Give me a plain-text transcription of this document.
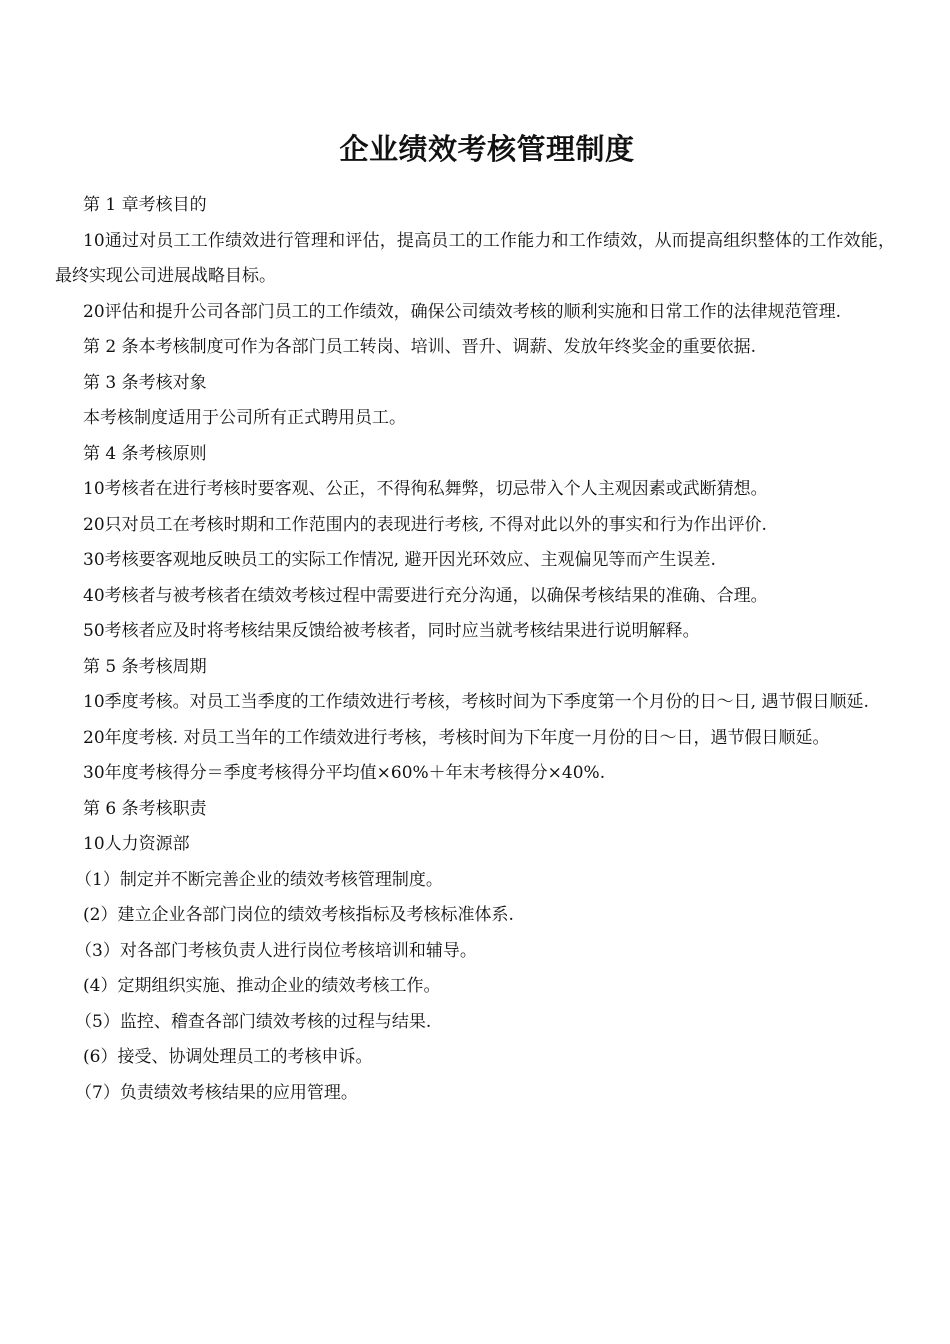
企业绩效考核管理制度

第 1 章考核目的

10通过对员工工作绩效进行管理和评估，提高员工的工作能力和工作绩效，从而提高组织整体的工作效能，最终实现公司进展战略目标。

20评估和提升公司各部门员工的工作绩效，确保公司绩效考核的顺利实施和日常工作的法律规范管理.

第 2 条本考核制度可作为各部门员工转岗、培训、晋升、调薪、发放年终奖金的重要依据.

第 3 条考核对象

本考核制度适用于公司所有正式聘用员工。

第 4 条考核原则

10考核者在进行考核时要客观、公正，不得徇私舞弊，切忌带入个人主观因素或武断猜想。

20只对员工在考核时期和工作范围内的表现进行考核, 不得对此以外的事实和行为作出评价.

30考核要客观地反映员工的实际工作情况, 避开因光环效应、主观偏见等而产生误差.

40考核者与被考核者在绩效考核过程中需要进行充分沟通，以确保考核结果的准确、合理。

50考核者应及时将考核结果反馈给被考核者，同时应当就考核结果进行说明解释。

第 5 条考核周期

10季度考核。对员工当季度的工作绩效进行考核，考核时间为下季度第一个月份的日～日, 遇节假日顺延.

20年度考核. 对员工当年的工作绩效进行考核，考核时间为下年度一月份的日～日，遇节假日顺延。

30年度考核得分＝季度考核得分平均值×60%＋年末考核得分×40%.

第 6 条考核职责

10人力资源部

（1）制定并不断完善企业的绩效考核管理制度。

(2）建立企业各部门岗位的绩效考核指标及考核标准体系.

（3）对各部门考核负责人进行岗位考核培训和辅导。

(4）定期组织实施、推动企业的绩效考核工作。

（5）监控、稽查各部门绩效考核的过程与结果.

(6）接受、协调处理员工的考核申诉。

（7）负责绩效考核结果的应用管理。
